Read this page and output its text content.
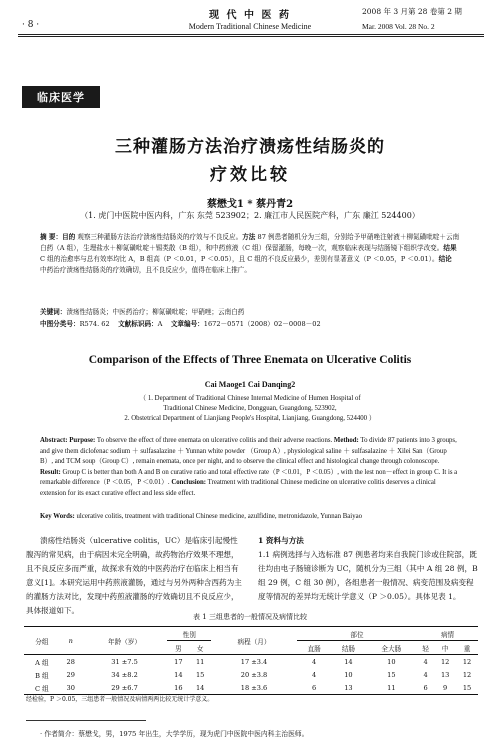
现 代 中 医 药
Modern Traditional Chinese Medicine
2008 年 3 月第 28 卷第 2 期
Mar. 2008 Vol. 28 No. 2
· 8 ·
临床医学
三种灌肠方法治疗溃疡性结肠炎的
疗效比较
蔡懋戈1 * 蔡丹青2
（1. 虎门中医院中医内科，广东 东莞 523902；2. 廉江市人民医院产科，广东 廉江 524400）
摘 要：目的 观察三种灌肠方法治疗溃疡性结肠炎的疗效与不良反应。方法 87 例患者随机分为三组，分别给予甲硝唑注射液＋柳氮磺吡啶＋云南白药（A 组），生理盐水＋柳氮磺吡啶＋锡类散（B 组），和中药煎液（C 组）保留灌肠，每晚一次，观察临床表现与结肠镜下组织学改变。结果 C 组的治愈率与总有效率均比 A，B 组高（P ＜0.01，P ＜0.05），且 C 组的不良反应最少，差别有显著意义（P ＜0.05，P ＜0.01）。结论 中药治疗溃疡性结肠炎的疗效确切，且不良反应少，值得在临床上推广。
关键词：溃疡性结肠炎；中医药治疗；柳氮磺吡啶；甲硝唑；云南白药
中图分类号：R574. 62 文献标识码：A 文章编号：1672－0571（2008）02－0008－02
Comparison of the Effects of Three Enemata on Ulcerative Colitis
Cai Maoge1 Cai Danqing2
（ 1. Department of Traditional Chinese Internal Medicine of Humen Hospital of
Traditional Chinese Medicine, Dongguan, Guangdong, 523902,
2. Obstetrical Department of Lianjiang People's Hospital, Lianjiang, Guangdong, 524400 ）
Abstract: Purpose: To observe the effect of three enemata on ulcerative colitis and their adverse reactions. Method: To divide 87 patients into 3 groups, and give them diclofenac sodium ＋ sulfasalazine ＋ Yunnan white powder （Group A）, physiological saline ＋ sulfasalazine ＋ Xilei San（Group B）, and TCM soup（Group C）, remain enemata, once per night, and to observe the clinical effect and histological change through colonoscope. Result: Group C is better than both A and B on curative ratio and total effective rate（P ＜0.01，P ＜0.05）, with the lest non－effect in group C. It is a remarkable difference（P ＜0.05，P ＜0.01）. Conclusion: Treatment with traditional Chinese medicine on ulcerative colitis deserves a clinical extension for its exact curative effect and less side effect.
Key Words: ulcerative colitis, treatment with traditional Chinese medicine, azulfidine, metronidazole, Yunnan Baiyao
溃疡性结肠炎（ulcerative colitis，UC）是临床引起慢性腹泻的常见病，由于病因未完全明确，故药物治疗效果不理想，且不良反应多而严重，故探求有效的中医药治疗在临床上相当有意义[1]。本研究运用中药煎液灌肠，通过与另外两种含西药为主的灌肠方法对比，发现中药煎液灌肠的疗效确切且不良反应少，具体报道如下。
1 资料与方法
1.1 病例选择与入选标准 87 例患者均来自我院门诊或住院部，既往均由电子肠镜诊断为 UC，随机分为三组（其中 A 组 28 例，B 组 29 例，C 组 30 例），各组患者一般情况、病变范围及病变程度等情况的差异均无统计学意义（P ＞0.05）。具体见表 1。
表 1 三组患者的一般情况及病情比较
分组	n	年龄（岁）	性别		病程（月）	部位			病情		
			男	女		直肠	结肠	全大肠	轻	中	重
A 组	28	31 ±7.5	17	11	17 ±3.4	4	14	10	4	12	12
B 组	29	34 ±8.2	14	15	20 ±3.8	4	10	15	4	13	12
C 组	30	29 ±6.7	16	14	18 ±3.6	6	13	11	6	9	15
经检验，P ＞0.05，三组患者一般情况及病情两两比较无统计学意义。
· 作者简介：蔡懋戈，男，1975 年出生，大学学历，现为虎门中医院中医内科主治医师。
